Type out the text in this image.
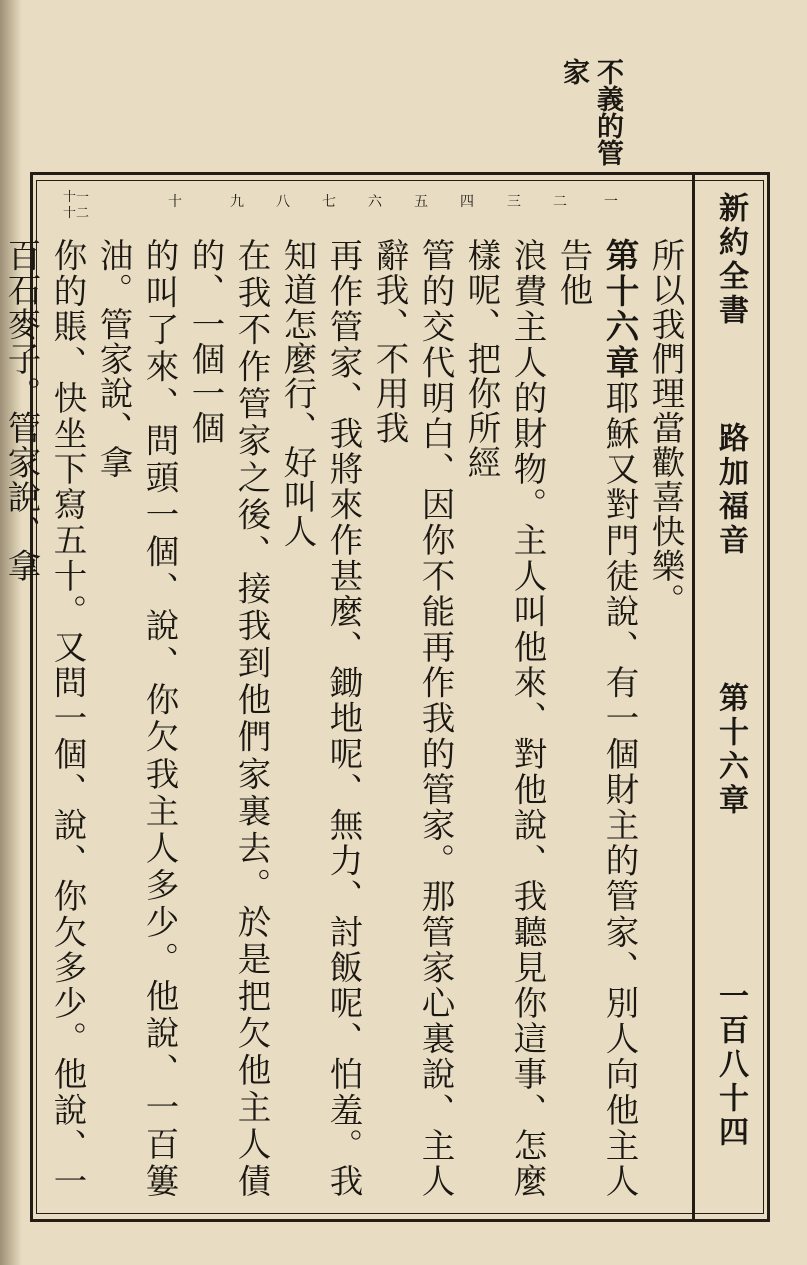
不義的管家
新約全書
路加福音
第十六章
一百八十四
一
二
三
四
五
六
七
八
九
十
十一
十二
所以我們理當歡喜快樂。
第十六章耶穌又對門徒說、有一個財主的管家、別人向他主人告他
浪費主人的財物。主人叫他來、對他說、我聽見你這事、怎麼樣呢、把你所經
管的交代明白、因你不能再作我的管家。那管家心裏說、主人辭我、不用我
再作管家、我將來作甚麼、鋤地呢、無力、討飯呢、怕羞。我知道怎麼行、好叫人
在我不作管家之後、接我到他們家裏去。於是把欠他主人債的、一個一個
的叫了來、問頭一個、說、你欠我主人多少。他說、一百簍油。管家說、拿
你的賬、快坐下寫五十。又問一個、說、你欠多少。他說、一百石麥子。管家說、拿
